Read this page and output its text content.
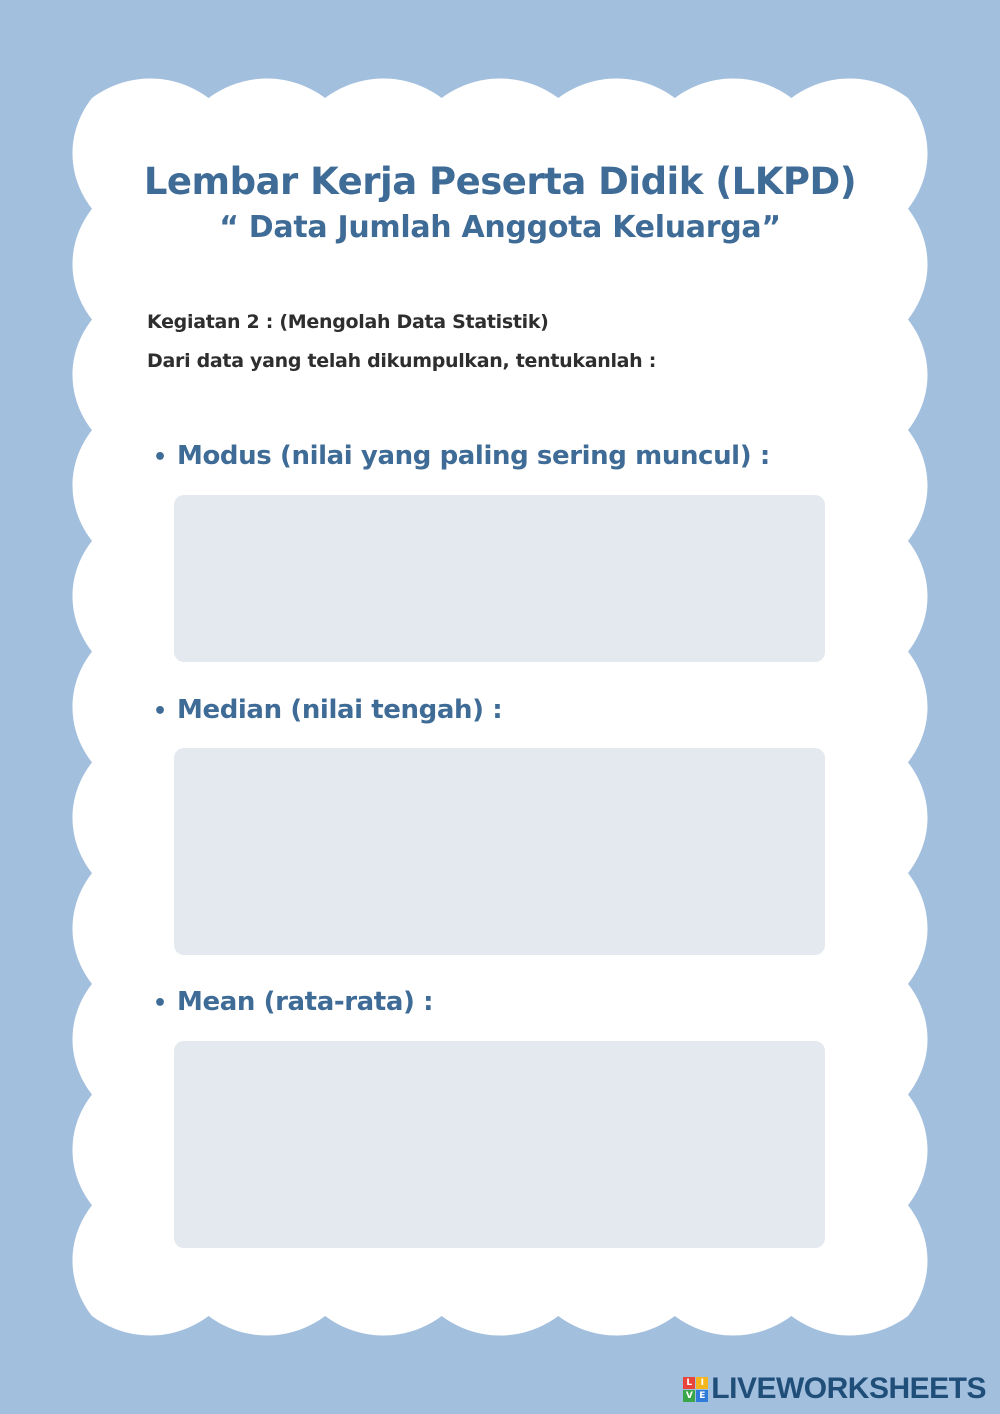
Lembar Kerja Peserta Didik (LKPD)
“ Data Jumlah Anggota Keluarga”
Kegiatan 2 : (Mengolah Data Statistik)
Dari data yang telah dikumpulkan, tentukanlah :
• Modus (nilai yang paling sering muncul) :
• Median (nilai tengah) :
• Mean (rata-rata) :
L I
V E LIVEWORKSHEETS
